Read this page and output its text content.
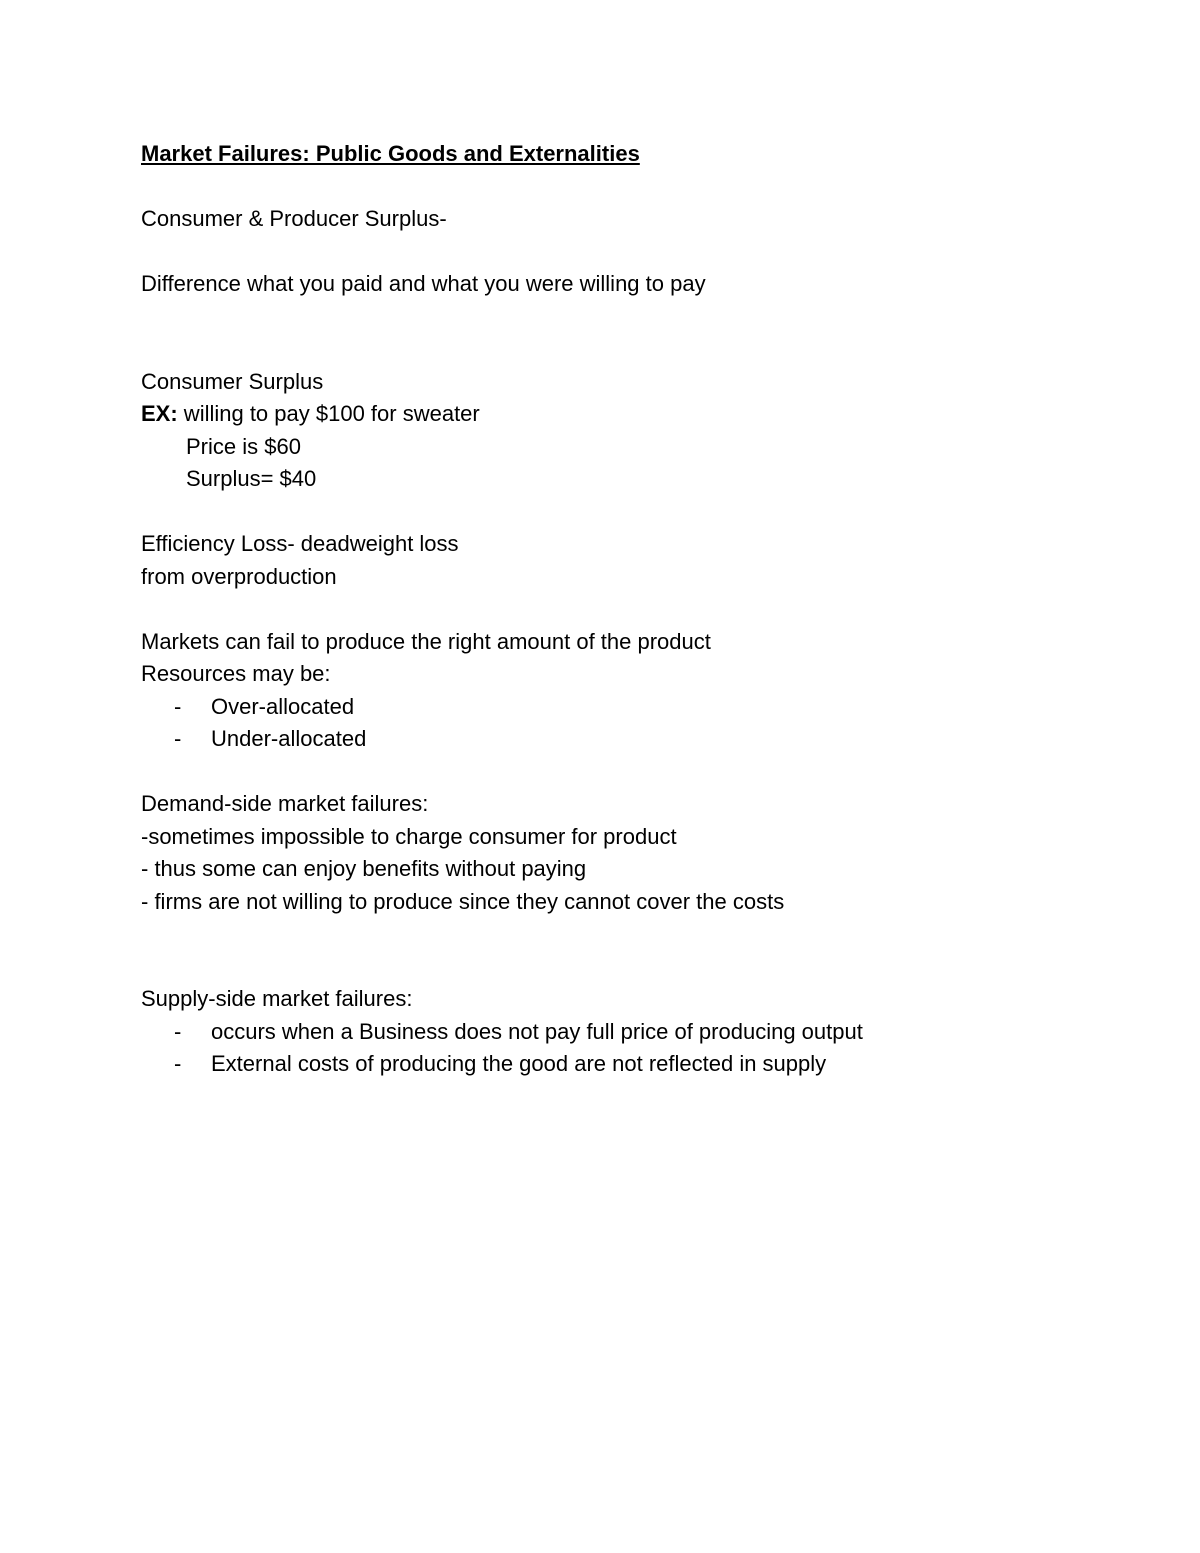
Market Failures: Public Goods and Externalities
Consumer & Producer Surplus-
Difference what you paid and what you were willing to pay
Consumer Surplus
EX: willing to pay $100 for sweater
Price is $60
Surplus= $40
Efficiency Loss- deadweight loss
from overproduction
Markets can fail to produce the right amount of the product
Resources may be:

-

Over-allocated

-

Under-allocated

Demand-side market failures:
-sometimes impossible to charge consumer for product
- thus some can enjoy benefits without paying
- firms are not willing to produce since they cannot cover the costs
Supply-side market failures:

-

occurs when a Business does not pay full price of producing output

-

External costs of producing the good are not reflected in supply
